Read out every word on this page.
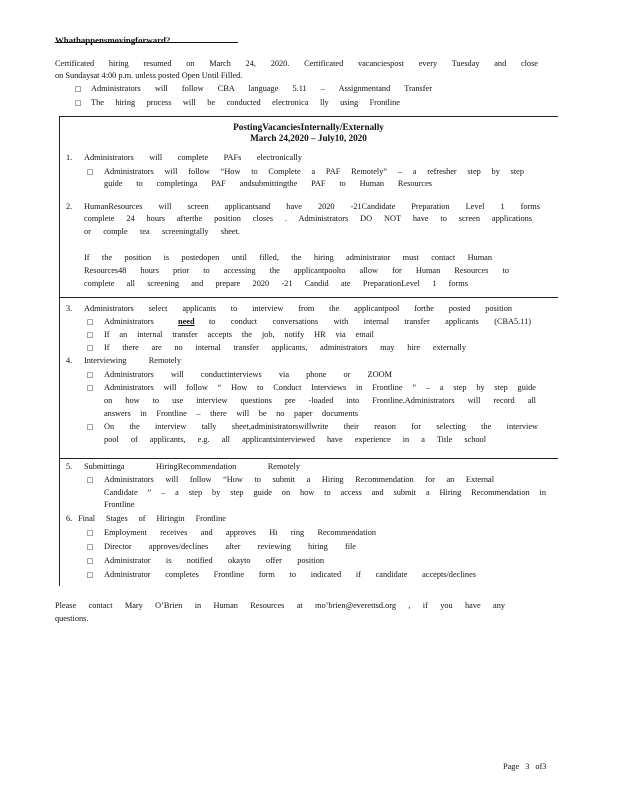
Whathappensmovingforward?
Certificated hiring resumed on March 24, 2020. Certificated vacanciespost every Tuesday and close
on Sundaysat 4:00 p.m. unless posted Open Until Filled.
□	Administrators will follow CBA language 5.11 – Assignmentand Transfer
□	The hiring process will be conducted electronica lly using Frontline
PostingVacanciesInternally/Externally
March 24,2020 – July10, 2020
1.	Administrators will complete PAFs electronically
□	Administrators will follow “How to Complete a PAF Remotely” – a refresher step by step
guide to completinga PAF andsubmittingthe PAF to Human Resources
2.	HumanResources will screen applicantsand have 2020 -21Candidate Preparation Level 1 forms
complete 24 hours afterthe position closes . Administrators DO NOT have to screen applications
or comple tea screeningtally sheet.
If the position is postedopen until filled, the hiring administrator must contact Human
Resources48 hours prior to accessing the applicantpoolto allow for Human Resources to
complete all screening and prepare 2020 -21 Candid ate PreparationLevel 1 forms
3.	Administrators select applicants to interview from the applicantpool forthe posted position
□	Administrators	need to conduct conversations with internal transfer applicants (CBA5.11)
□	If an internal transfer accepts the job, notify HR via email
□	If there are no internal transfer applicants, administrators may hire externally
4.	Interviewing Remotely
□	Administrators will conductinterviews via phone or ZOOM
□	Administrators will follow “ How to Conduct Interviews in Frontline ” – a step by step guide
on how to use interview questions pre -loaded into Frontline.Administrators will record all
answers in Frontline – there will be no paper documents
□	On the interview tally sheet,administratorswillwrite their reason for selecting the interview
pool of applicants, e.g. all applicantsinterviewed have experience in a Title school
5.	Submittinga HiringRecommendation Remotely
□	Administrators will follow “How to submit a Hiring Recommendation for an External
Candidate ” – a step by step guide on how to access and submit a Hiring Recommendation in
Frontline
6. Final Stages of Hiringin Frontline
□	Employment receives and approves Hi ring Recommendation
□	Director approves/declines after reviewing hiring file
□	Administrator is notified okayto offer position
□	Administrator completes Frontline form to indicated if candidate accepts/declines
Please contact Mary O’Brien in Human Resources at mo’brien@everettsd.org , if you have any
questions.
Page 3 of3
